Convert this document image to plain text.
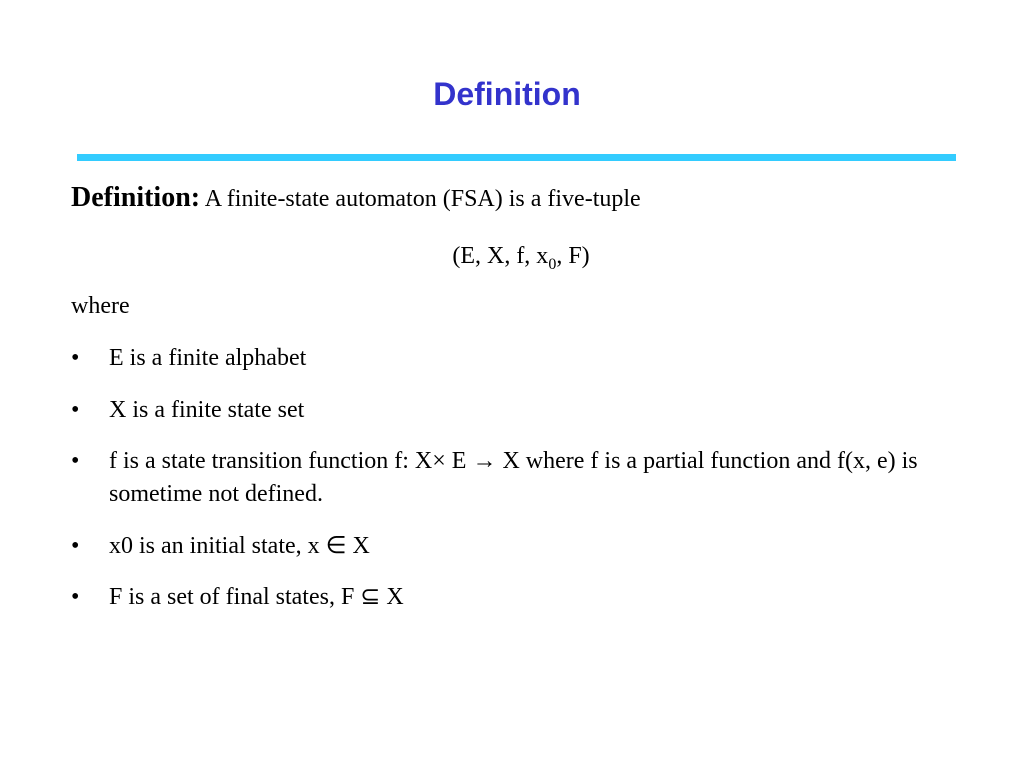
Definition
Definition: A finite-state automaton (FSA) is a five-tuple
(E, X, f, $x_0$, F)
where
• E is a finite alphabet
• X is a finite state set
• f is a state transition function f: X× E → X where f is a partial function and f(x, e) is sometime not defined.
• x0 is an initial state, x ∈ X
• F is a set of final states, F ⊆ X
